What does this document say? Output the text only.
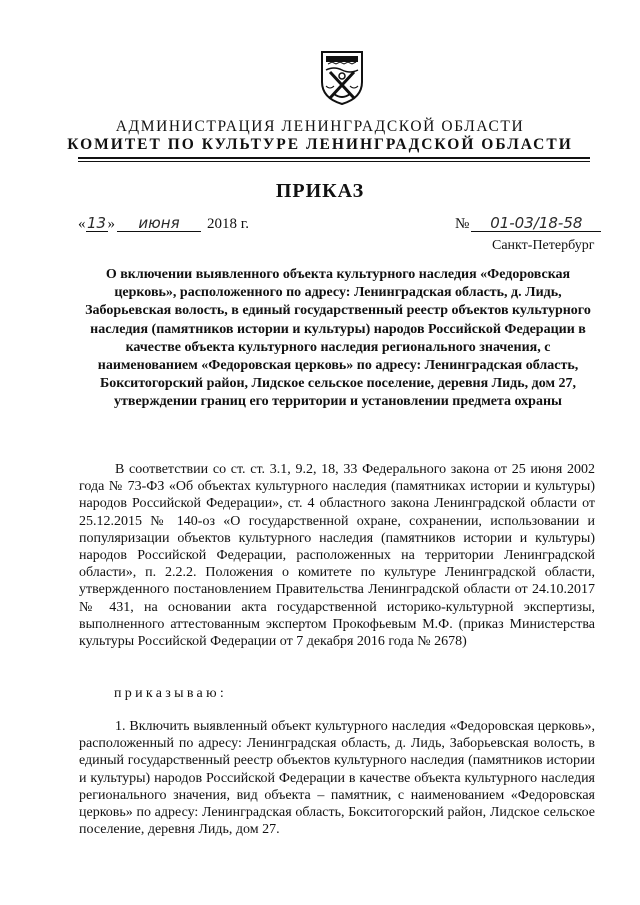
АДМИНИСТРАЦИЯ ЛЕНИНГРАДСКОЙ ОБЛАСТИ
КОМИТЕТ ПО КУЛЬТУРЕ ЛЕНИНГРАДСКОЙ ОБЛАСТИ
ПРИКАЗ
«13» июня 2018 г.	№ 01-03/18-58
Санкт-Петербург
О включении выявленного объекта культурного наследия «Федоровская церковь», расположенного по адресу: Ленинградская область, д. Лидь, Заборьевская волость, в единый государственный реестр объектов культурного наследия (памятников истории и культуры) народов Российской Федерации в качестве объекта культурного наследия регионального значения, с наименованием «Федоровская церковь» по адресу: Ленинградская область, Бокситогорский район, Лидское сельское поселение, деревня Лидь, дом 27, утверждении границ его территории и установлении предмета охраны
В соответствии со ст. ст. 3.1, 9.2, 18, 33 Федерального закона от 25 июня 2002 года № 73-ФЗ «Об объектах культурного наследия (памятниках истории и культуры) народов Российской Федерации», ст. 4 областного закона Ленинградской области от 25.12.2015 № 140-оз «О государственной охране, сохранении, использовании и популяризации объектов культурного наследия (памятников истории и культуры) народов Российской Федерации, расположенных на территории Ленинградской области», п. 2.2.2. Положения о комитете по культуре Ленинградской области, утвержденного постановлением Правительства Ленинградской области от 24.10.2017 № 431, на основании акта государственной историко-культурной экспертизы, выполненного аттестованным экспертом Прокофьевым М.Ф. (приказ Министерства культуры Российской Федерации от 7 декабря 2016 года № 2678)
приказываю:
1. Включить выявленный объект культурного наследия «Федоровская церковь», расположенный по адресу: Ленинградская область, д. Лидь, Заборьевская волость, в единый государственный реестр объектов культурного наследия (памятников истории и культуры) народов Российской Федерации в качестве объекта культурного наследия регионального значения, вид объекта – памятник, с наименованием «Федоровская церковь» по адресу: Ленинградская область, Бокситогорский район, Лидское сельское поселение, деревня Лидь, дом 27.
